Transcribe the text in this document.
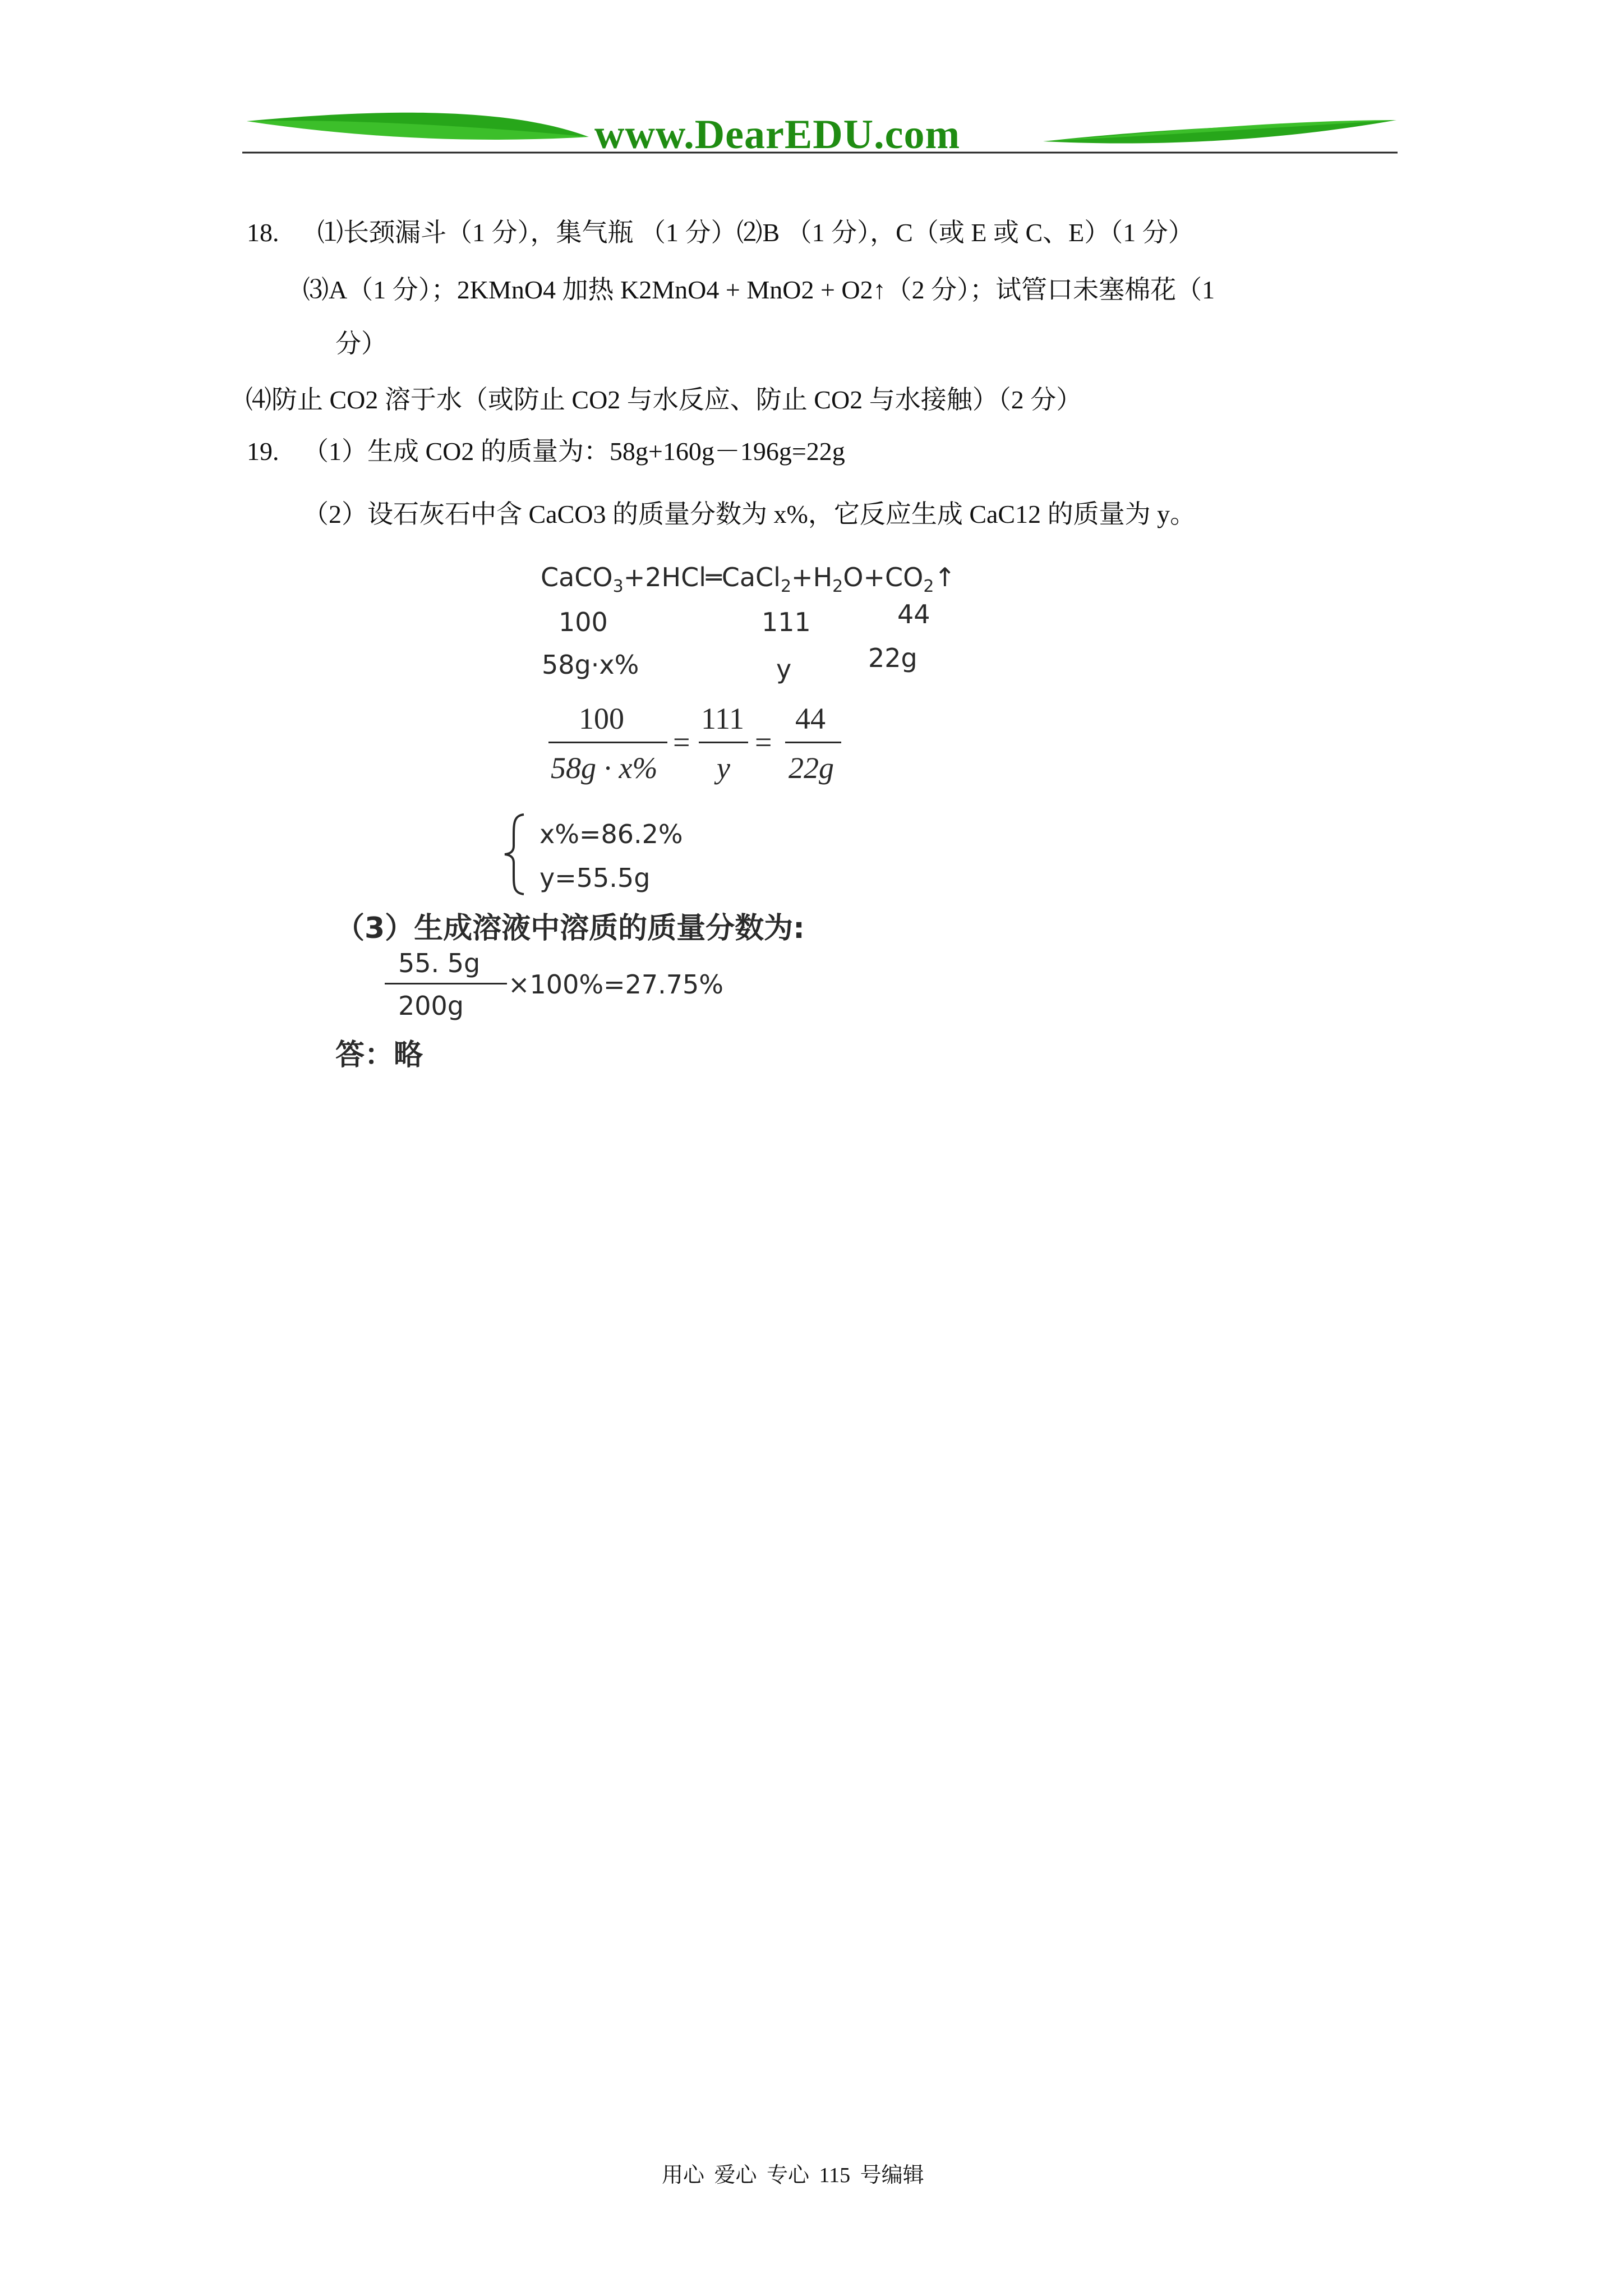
www.DearEDU.com
18. ⑴长颈漏斗（1 分），集气瓶 （1 分）⑵B （1 分），C（或 E 或 C、E）（1 分）
⑶A（1 分）；2KMnO4 加热 K2MnO4 + MnO2 + O2↑（2 分）；试管口未塞棉花（1
分）
⑷防止 CO2 溶于水（或防止 CO2 与水反应、防止 CO2 与水接触）（2 分）
19. （1）生成 CO2 的质量为：58g+160g－196g=22g
（2）设石灰石中含 CaCO3 的质量分数为 x%，它反应生成 CaC12 的质量为 y。
$CaCO_3+2HCl═CaCl_2+H_2O+CO_2↑$
100	111	44
58g·x%	y	22g
100
58g · x%
=
111
y
=
44
22g
x%=86.2%
y=55.5g
（3）生成溶液中溶质的质量分数为:
55. 5g
200g
×100%=27.75%
答：略
用心 爱心 专心 115 号编辑
